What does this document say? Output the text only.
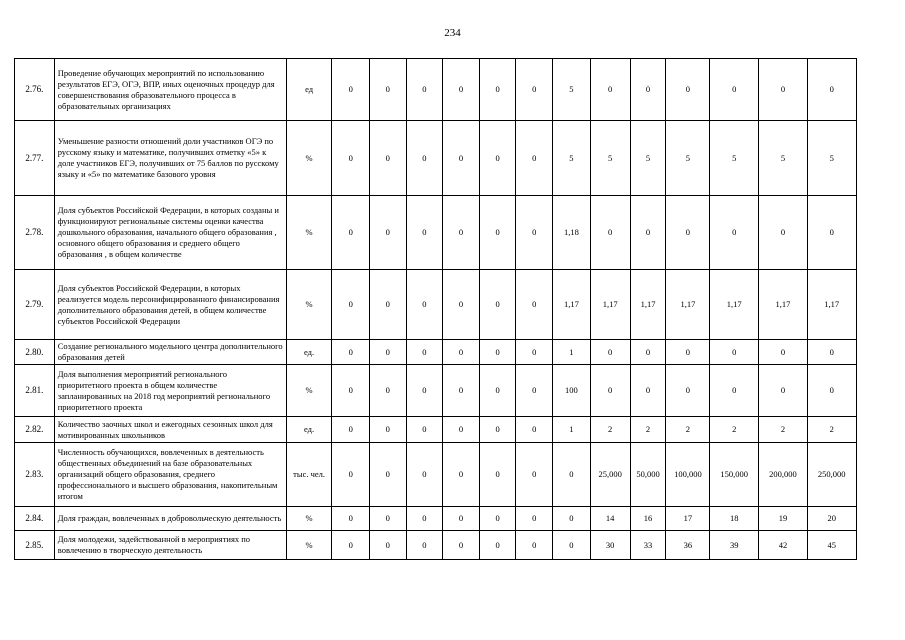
234
2.76.	Проведение обучающих мероприятий по использованию результатов ЕГЭ, ОГЭ, ВПР, иных оценочных процедур для совершенствования образовательного процесса в образовательных организациях	ед	0	0	0	0	0	0	5	0	0	0	0	0	0
2.77.	Уменьшение разности отношений доли участников ОГЭ по русскому языку и математике, получивших отметку «5» к доле участников ЕГЭ, получивших от 75 баллов по русскому языку и «5» по математике базового уровня	%	0	0	0	0	0	0	5	5	5	5	5	5	5
2.78.	Доля субъектов Российской Федерации, в которых созданы и функционируют региональные системы оценки качества дошкольного образования, начального общего образования , основного общего образования и среднего общего образования , в общем количестве	%	0	0	0	0	0	0	1,18	0	0	0	0	0	0
2.79.	Доля субъектов Российской Федерации, в которых реализуется модель персонифицированного финансирования дополнительного образования детей, в общем количестве субъектов Российской Федерации	%	0	0	0	0	0	0	1,17	1,17	1,17	1,17	1,17	1,17	1,17
2.80.	Создание регионального модельного центра дополнительного образования детей	ед.	0	0	0	0	0	0	1	0	0	0	0	0	0
2.81.	Доля выполнения мероприятий регионального приоритетного проекта в общем количестве запланированных на 2018 год мероприятий регионального приоритетного проекта	%	0	0	0	0	0	0	100	0	0	0	0	0	0
2.82.	Количество заочных школ и ежегодных сезонных школ для мотивированных школьников	ед.	0	0	0	0	0	0	1	2	2	2	2	2	2
2.83.	Численность обучающихся, вовлеченных в деятельность общественных объединений на базе образовательных организаций общего образования, среднего профессионального и высшего образования, накопительным итогом	тыс. чел.	0	0	0	0	0	0	0	25,000	50,000	100,000	150,000	200,000	250,000
2.84.	Доля граждан, вовлеченных в добровольческую деятельность	%	0	0	0	0	0	0	0	14	16	17	18	19	20
2.85.	Доля молодежи, задействованной в мероприятиях по вовлечению в творческую деятельность	%	0	0	0	0	0	0	0	30	33	36	39	42	45
